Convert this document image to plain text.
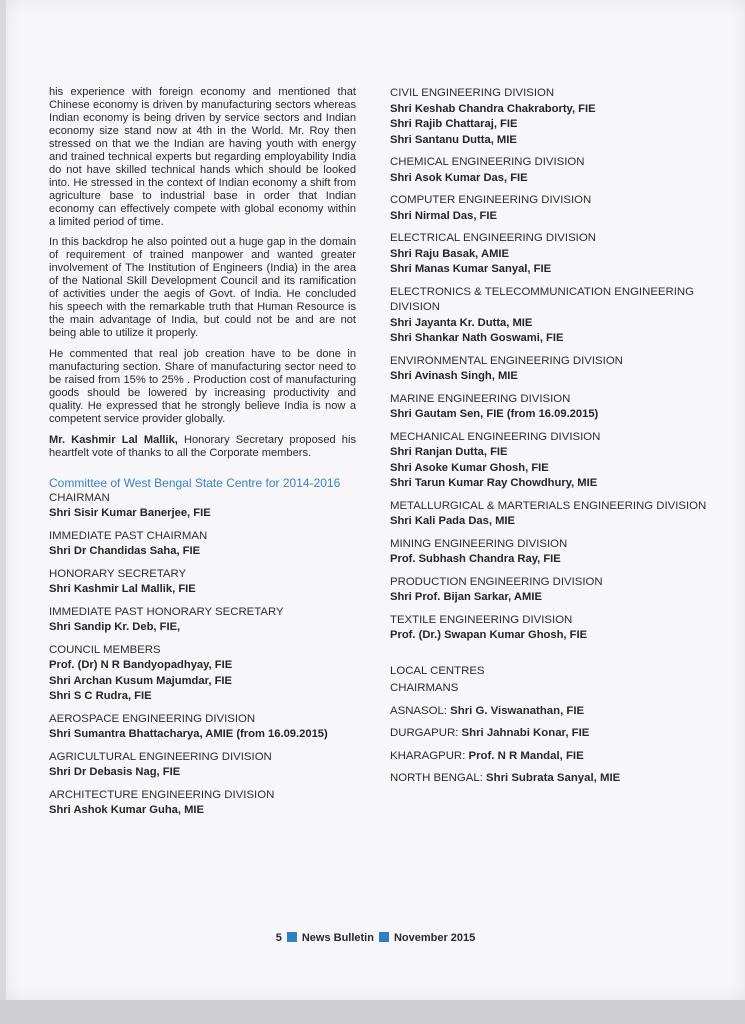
his experience with foreign economy and mentioned that Chinese economy is driven by manufacturing sectors whereas Indian economy is being driven by service sectors and Indian economy size stand now at 4th in the World. Mr. Roy then stressed on that we the Indian are having youth with energy and trained technical experts but regarding employability India do not have skilled technical hands which should be looked into. He stressed in the context of Indian economy a shift from agriculture base to industrial base in order that Indian economy can effectively compete with global economy within a limited period of time.

In this backdrop he also pointed out a huge gap in the domain of requirement of trained manpower and wanted greater involvement of The Institution of Engineers (India) in the area of the National Skill Development Council and its ramification of activities under the aegis of Govt. of India. He concluded his speech with the remarkable truth that Human Resource is the main advantage of India, but could not be and are not being able to utilize it properly.

He commented that real job creation have to be done in manufacturing section. Share of manufacturing sector need to be raised from 15% to 25% . Production cost of manufacturing goods should be lowered by increasing productivity and quality. He expressed that he strongly believe India is now a competent service provider globally.

Mr. Kashmir Lal Mallik, Honorary Secretary proposed his heartfelt vote of thanks to all the Corporate members.

Committee of West Bengal State Centre for 2014-2016
CHAIRMAN
Shri Sisir Kumar Banerjee, FIE
IMMEDIATE PAST CHAIRMAN
Shri Dr Chandidas Saha, FIE
HONORARY SECRETARY
Shri Kashmir Lal Mallik, FIE
IMMEDIATE PAST HONORARY SECRETARY
Shri Sandip Kr. Deb, FIE,
COUNCIL MEMBERS
Prof. (Dr) N R Bandyopadhyay, FIE
Shri Archan Kusum Majumdar, FIE
Shri S C Rudra, FIE
AEROSPACE ENGINEERING DIVISION
Shri Sumantra Bhattacharya, AMIE (from 16.09.2015)
AGRICULTURAL ENGINEERING DIVISION
Shri Dr Debasis Nag, FIE
ARCHITECTURE ENGINEERING DIVISION
Shri Ashok Kumar Guha, MIE
CIVIL ENGINEERING DIVISION
Shri Keshab Chandra Chakraborty, FIE
Shri Rajib Chattaraj, FIE
Shri Santanu Dutta, MIE
CHEMICAL ENGINEERING DIVISION
Shri Asok Kumar Das, FIE
COMPUTER ENGINEERING DIVISION
Shri Nirmal Das, FIE
ELECTRICAL ENGINEERING DIVISION
Shri Raju Basak, AMIE
Shri Manas Kumar Sanyal, FIE
ELECTRONICS & TELECOMMUNICATION ENGINEERING DIVISION
Shri Jayanta Kr. Dutta, MIE
Shri Shankar Nath Goswami, FIE
ENVIRONMENTAL ENGINEERING DIVISION
Shri Avinash Singh, MIE
MARINE ENGINEERING DIVISION
Shri Gautam Sen, FIE (from 16.09.2015)
MECHANICAL ENGINEERING DIVISION
Shri Ranjan Dutta, FIE
Shri Asoke Kumar Ghosh, FIE
Shri Tarun Kumar Ray Chowdhury, MIE
METALLURGICAL & MARTERIALS ENGINEERING DIVISION
Shri Kali Pada Das, MIE
MINING ENGINEERING DIVISION
Prof. Subhash Chandra Ray, FIE
PRODUCTION ENGINEERING DIVISION
Shri Prof. Bijan Sarkar, AMIE
TEXTILE ENGINEERING DIVISION
Prof. (Dr.) Swapan Kumar Ghosh, FIE
LOCAL CENTRES
CHAIRMANS
ASNASOL: Shri G. Viswanathan, FIE
DURGAPUR: Shri Jahnabi Konar, FIE
KHARAGPUR: Prof. N R Mandal, FIE
NORTH BENGAL: Shri Subrata Sanyal, MIE
5 News Bulletin November 2015
